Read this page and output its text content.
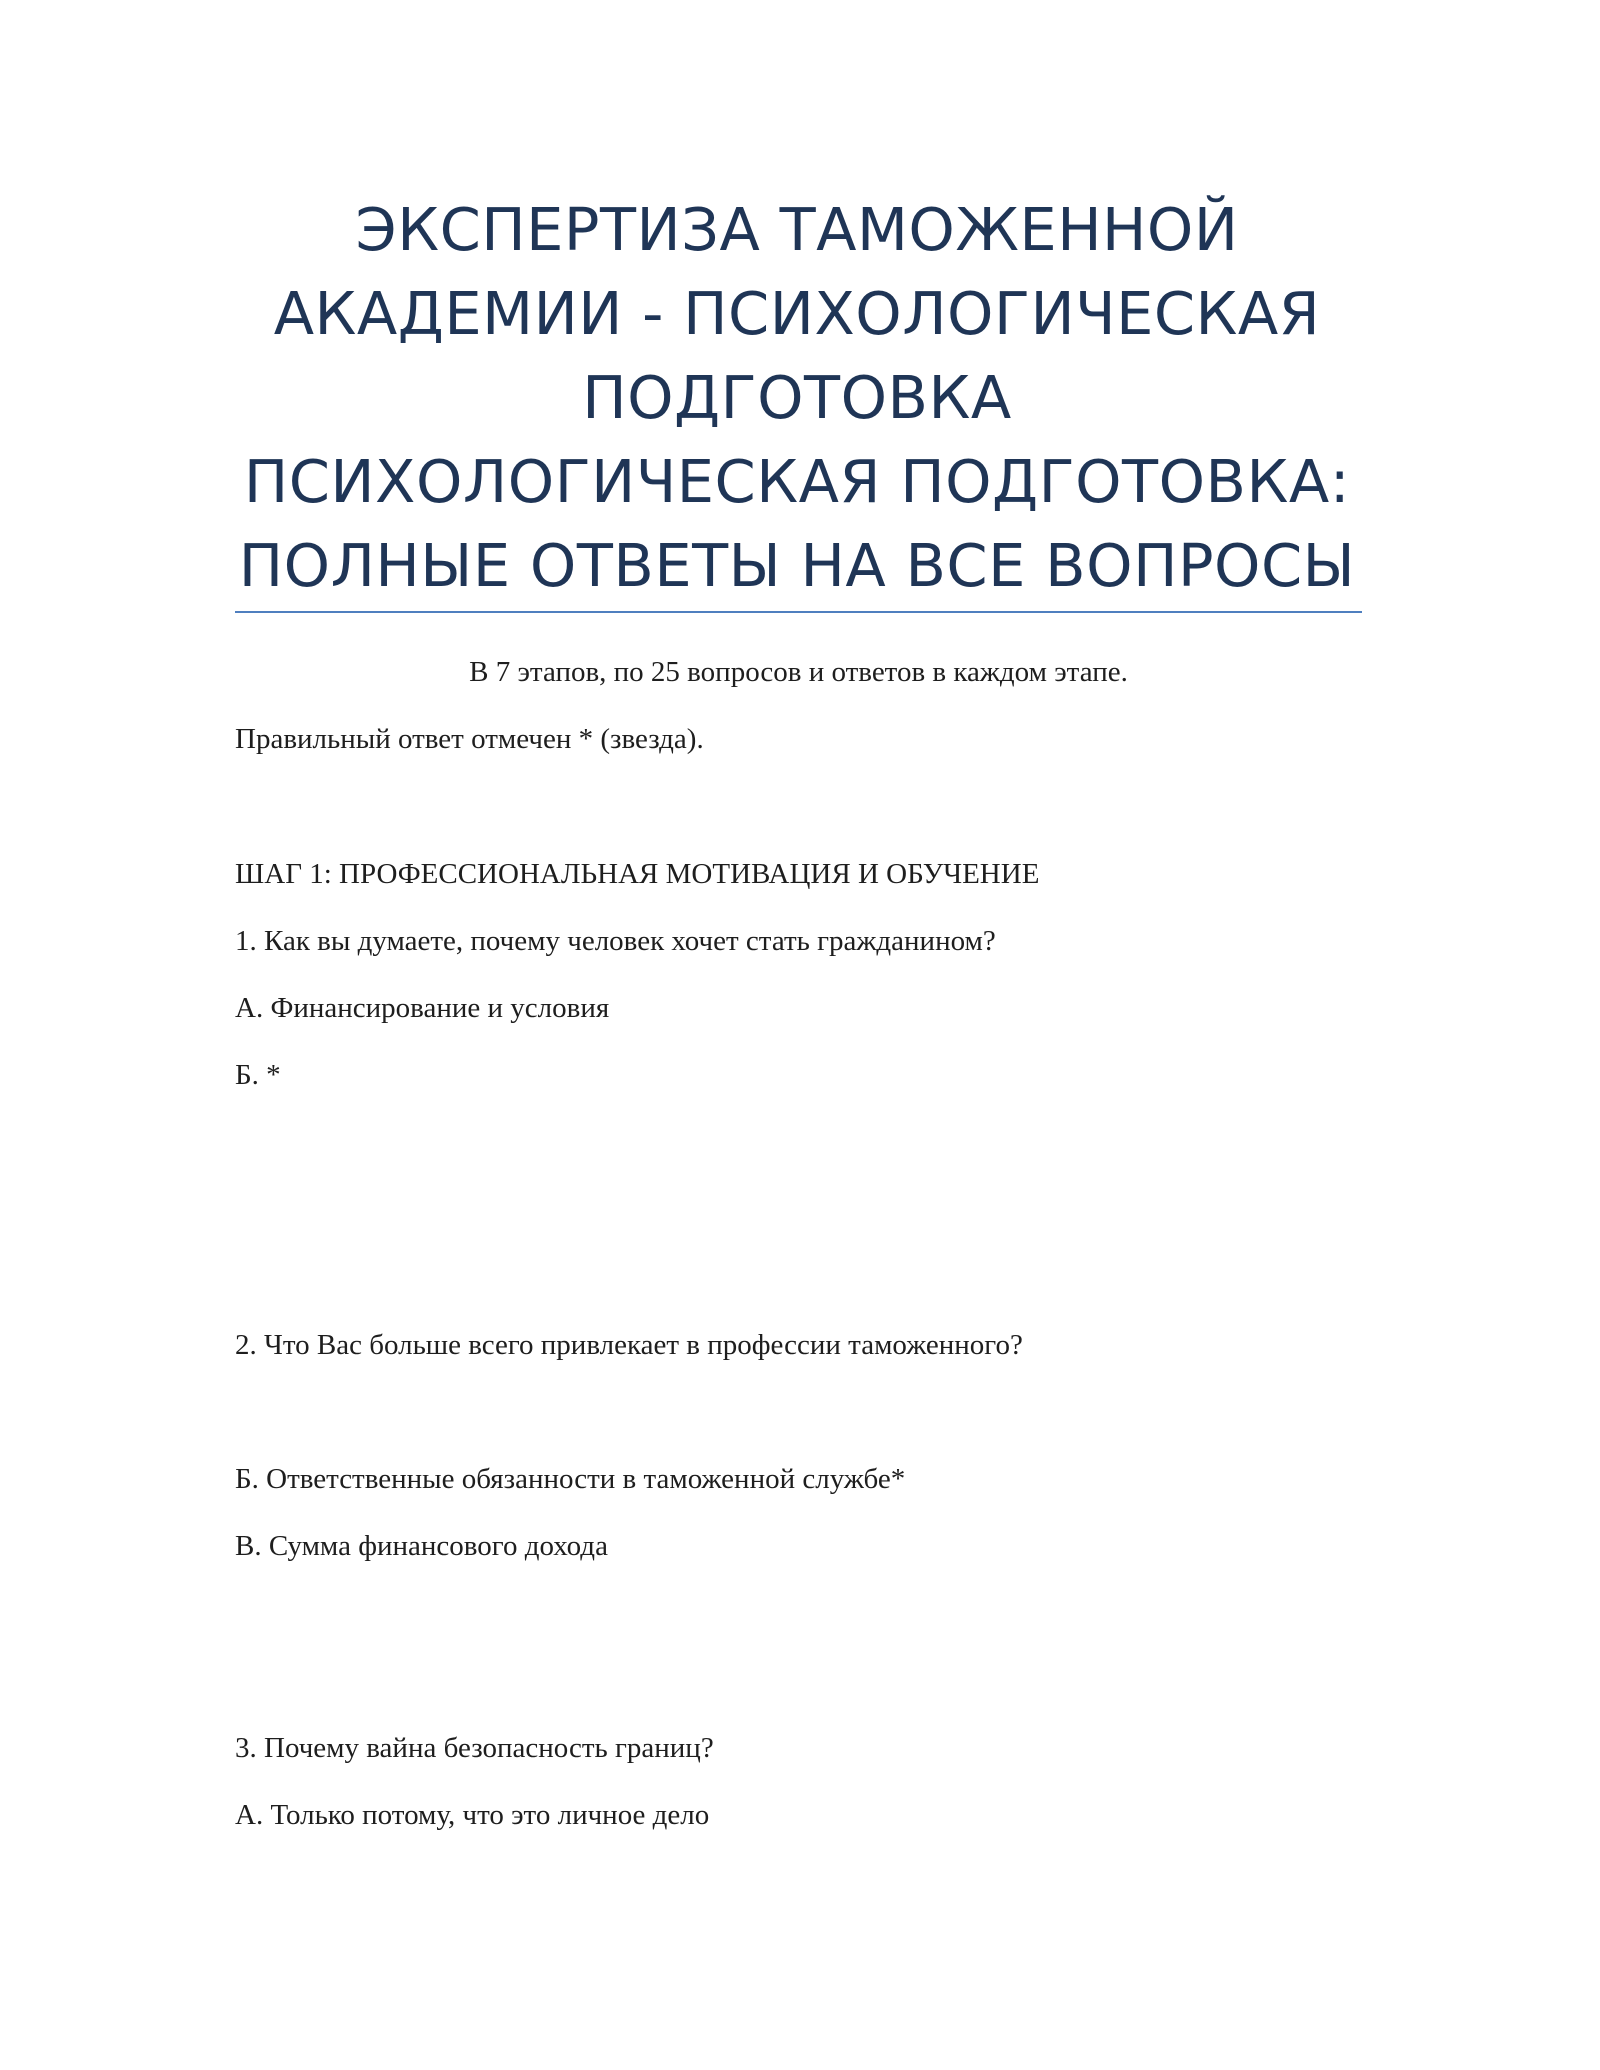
ЭКСПЕРТИЗА ТАМОЖЕННОЙ
АКАДЕМИИ - ПСИХОЛОГИЧЕСКАЯ
ПОДГОТОВКА
ПСИХОЛОГИЧЕСКАЯ ПОДГОТОВКА:
ПОЛНЫЕ ОТВЕТЫ НА ВСЕ ВОПРОСЫ
В 7 этапов, по 25 вопросов и ответов в каждом этапе.
Правильный ответ отмечен * (звезда).
ШАГ 1: ПРОФЕССИОНАЛЬНАЯ МОТИВАЦИЯ И ОБУЧЕНИЕ
1. Как вы думаете, почему человек хочет стать гражданином?
А. Финансирование и условия
Б. *
2. Что Вас больше всего привлекает в профессии таможенного?
Б. Ответственные обязанности в таможенной службе*
В. Сумма финансового дохода
3. Почему вайна безопасность границ?
А. Только потому, что это личное дело
